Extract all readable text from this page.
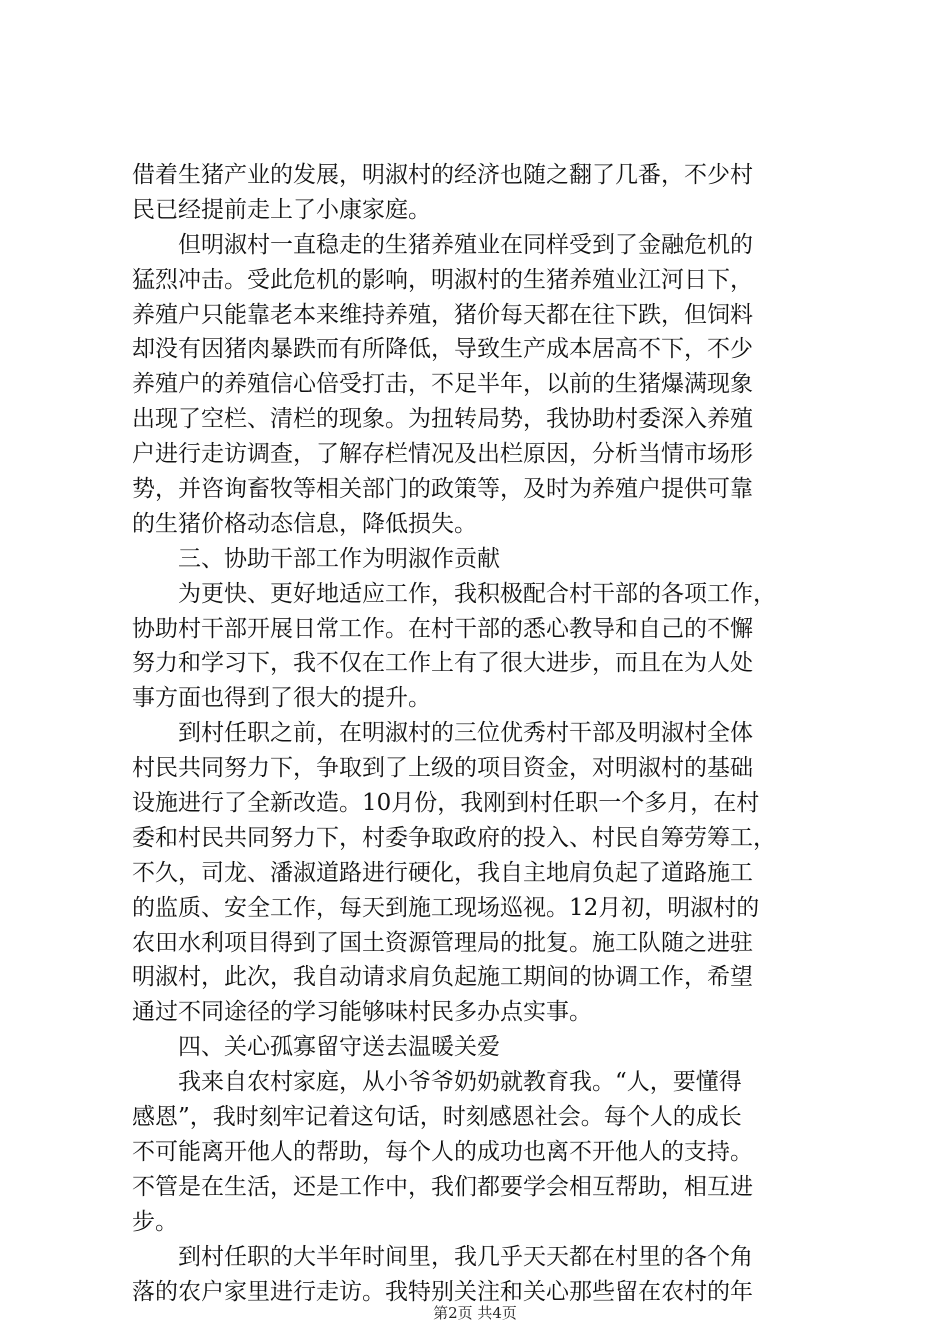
借着生猪产业的发展，明淑村的经济也随之翻了几番，不少村
民已经提前走上了小康家庭。
但明淑村一直稳走的生猪养殖业在同样受到了金融危机的
猛烈冲击。受此危机的影响，明淑村的生猪养殖业江河日下，
养殖户只能靠老本来维持养殖，猪价每天都在往下跌，但饲料
却没有因猪肉暴跌而有所降低，导致生产成本居高不下，不少
养殖户的养殖信心倍受打击，不足半年，以前的生猪爆满现象
出现了空栏、清栏的现象。为扭转局势，我协助村委深入养殖
户进行走访调查，了解存栏情况及出栏原因，分析当情市场形
势，并咨询畜牧等相关部门的政策等，及时为养殖户提供可靠
的生猪价格动态信息，降低损失。
三、协助干部工作为明淑作贡献
为更快、更好地适应工作，我积极配合村干部的各项工作，
协助村干部开展日常工作。在村干部的悉心教导和自己的不懈
努力和学习下，我不仅在工作上有了很大进步，而且在为人处
事方面也得到了很大的提升。
到村任职之前，在明淑村的三位优秀村干部及明淑村全体
村民共同努力下，争取到了上级的项目资金，对明淑村的基础
设施进行了全新改造。10月份，我刚到村任职一个多月，在村
委和村民共同努力下，村委争取政府的投入、村民自筹劳筹工，
不久，司龙、潘淑道路进行硬化，我自主地肩负起了道路施工
的监质、安全工作，每天到施工现场巡视。12月初，明淑村的
农田水利项目得到了国土资源管理局的批复。施工队随之进驻
明淑村，此次，我自动请求肩负起施工期间的协调工作，希望
通过不同途径的学习能够味村民多办点实事。
四、关心孤寡留守送去温暖关爱
我来自农村家庭，从小爷爷奶奶就教育我。“人，要懂得
感恩”，我时刻牢记着这句话，时刻感恩社会。每个人的成长
不可能离开他人的帮助，每个人的成功也离不开他人的支持。
不管是在生活，还是工作中，我们都要学会相互帮助，相互进
步。
到村任职的大半年时间里，我几乎天天都在村里的各个角
落的农户家里进行走访。我特别关注和关心那些留在农村的年
第2页 共4页
